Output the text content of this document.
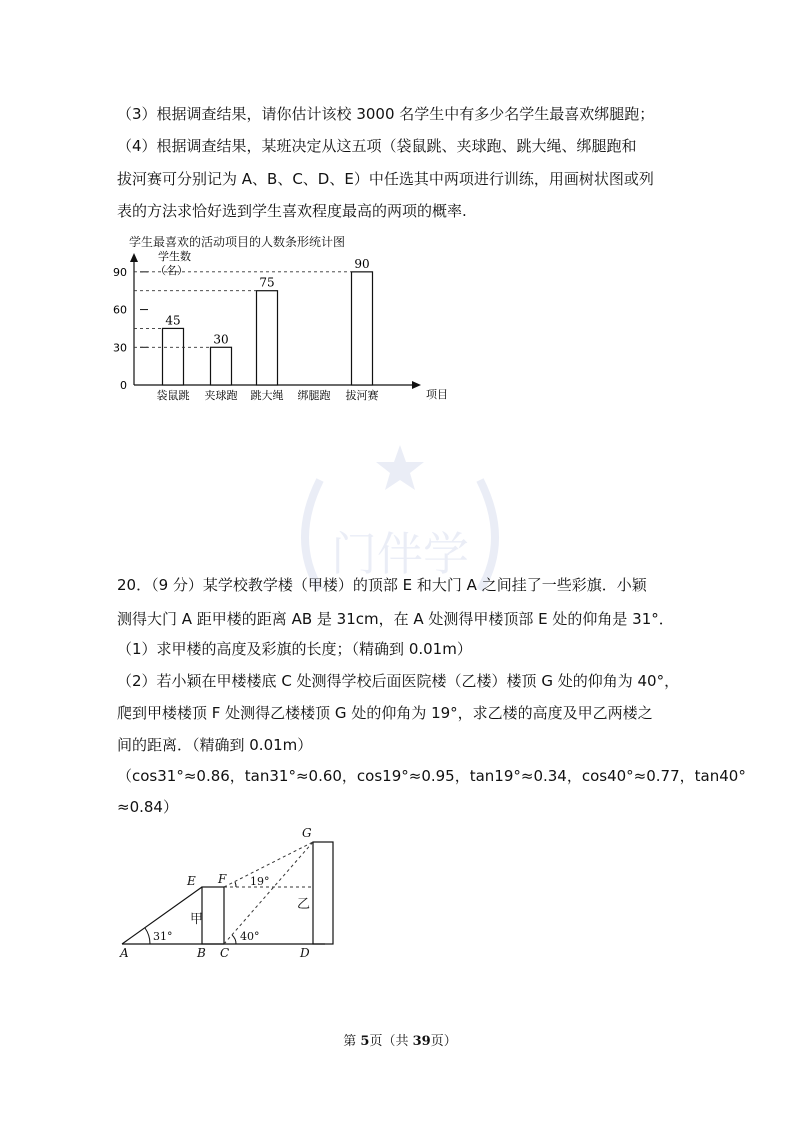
门伴学
（3）根据调查结果，请你估计该校 3000 名学生中有多少名学生最喜欢绑腿跑；
（4）根据调查结果，某班决定从这五项（袋鼠跳、夹球跑、跳大绳、绑腿跑和
拔河赛可分别记为 A、B、C、D、E）中任选其中两项进行训练，用画树状图或列
表的方法求恰好选到学生喜欢程度最高的两项的概率.
学生最喜欢的活动项目的人数条形统计图
学生数
（名）
项目
0
30
60
90
袋鼠跳
45
夹球跑
30
跳大绳
75
绑腿跑 拔河赛
90
20．（9 分）某学校教学楼（甲楼）的顶部 E 和大门 A 之间挂了一些彩旗．小颖
测得大门 A 距甲楼的距离 AB 是 31cm，在 A 处测得甲楼顶部 E 处的仰角是 31°．
（1）求甲楼的高度及彩旗的长度；（精确到 0.01m）
（2）若小颖在甲楼楼底 C 处测得学校后面医院楼（乙楼）楼顶 G 处的仰角为 40°，
爬到甲楼楼顶 F 处测得乙楼楼顶 G 处的仰角为 19°，求乙楼的高度及甲乙两楼之
间的距离．（精确到 0.01m）
（cos31°≈0.86，tan31°≈0.60，cos19°≈0.95，tan19°≈0.34，cos40°≈0.77，tan40°
≈0.84）
A	B C	D
E F
G
31°	40°
19°
甲
乙
第 5页（共 39页）
